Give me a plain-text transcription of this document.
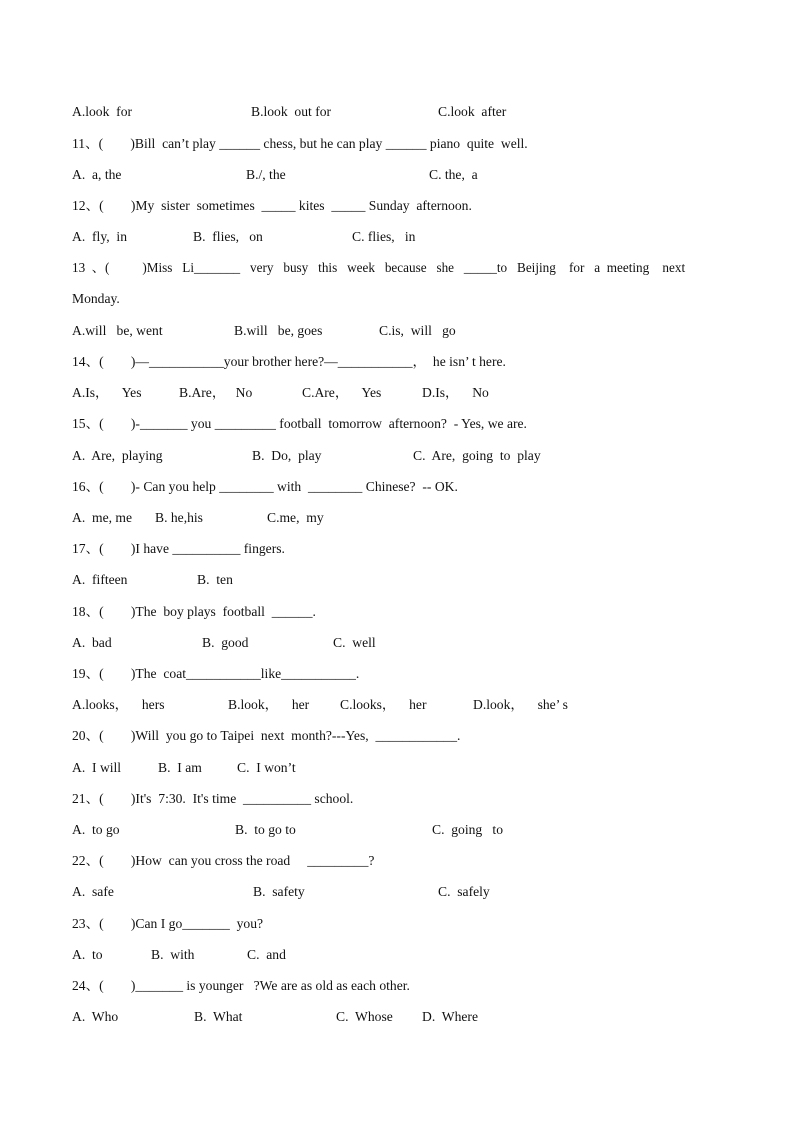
A.look  for

	B.look  out for

	C.look  after

11、(        )Bill  can’t play ______ chess, but he can play ______ piano  quite  well.

A.  a, the

	B./, the

	C. the,  a

12、(        )My  sister  sometimes  _____ kites  _____ Sunday  afternoon.

A.  fly,  in

	B.  flies,   on

	C. flies,   in

13  、(          )Miss   Li_______   very   busy   this   week   because   she   _____to   Beijing    for   a  meeting    next

Monday.

A.will   be, went

	B.will   be, goes

	C.is,  will   go

14、(        )—___________your brother here?—___________，  he isn’ t here.

A.Is，    Yes

	B.Are，   No

	C.Are，    Yes

	D.Is，    No

15、(        )-_______ you _________ football  tomorrow  afternoon?  - Yes, we are.

A.  Are,  playing

	B.  Do,  play

	C.  Are,  going  to  play

16、(        )- Can you help ________ with  ________ Chinese?  -- OK.

A.  me, me

B. he,his

	C.me,  my

17、(        )I have __________ fingers.

A.  fifteen

	B.  ten

18、(        )The  boy plays  football  ______.

A.  bad

	B.  good

	C.  well

19、(        )The  coat___________like___________.

A.looks，    hers

	B.look，    her

C.looks，    her

	D.look，    she’ s

20、(        )Will  you go to Taipei  next  month?---Yes,  ____________.

A.  I will

	B.  I am

	C.  I won’t

21、(        )It's  7:30.  It's time  __________ school.

A.  to go

	B.  to go to

	C.  going   to

22、(        )How  can you cross the road     _________?

A.  safe

	B.  safety

	C.  safely

23、(        )Can I go_______  you?

A.  to

	B.  with

	C.  and

24、(        )_______ is younger   ?We are as old as each other.

A.  Who

	B.  What

	C.  Whose

D.  Where
